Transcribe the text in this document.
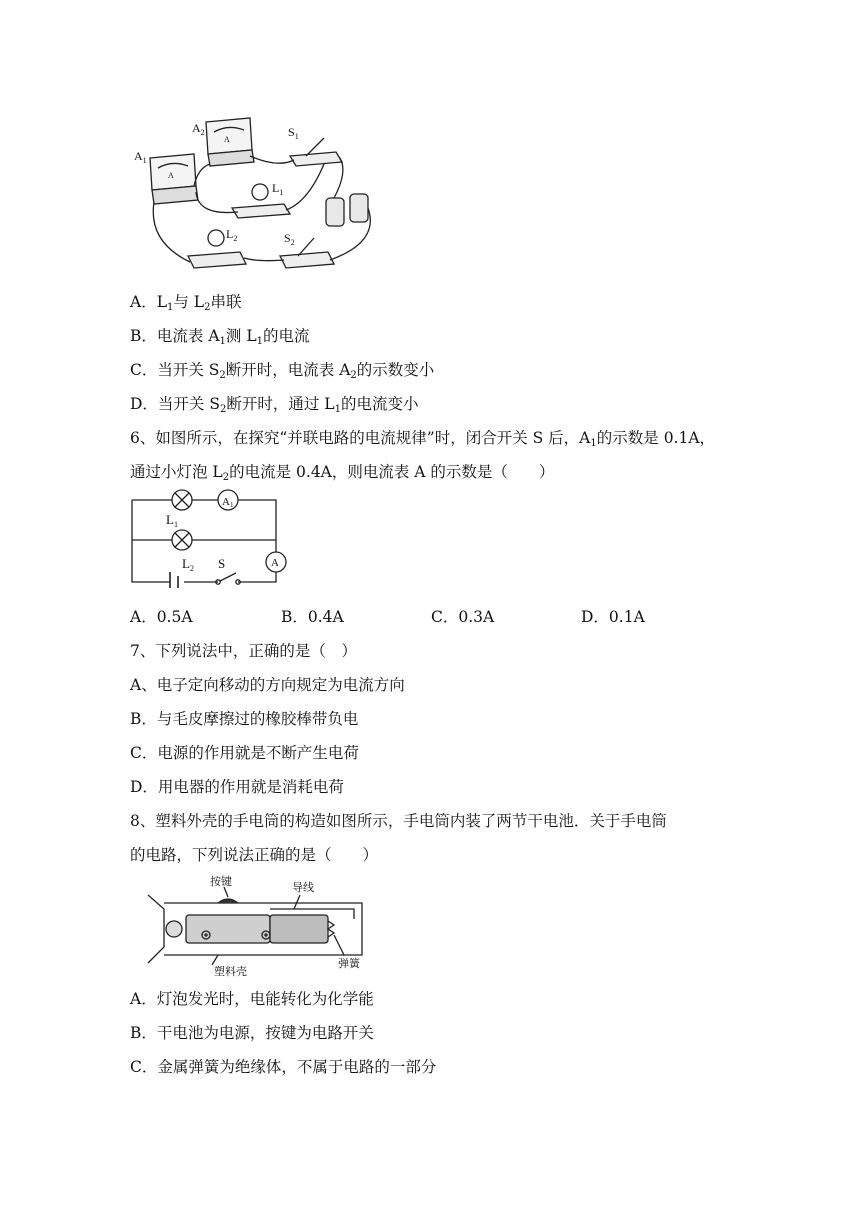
$A_1$
$A_2$	$S_1$
$L_1$
$L_2$	$S_2$
A
A
A．$L_1$与 $L_2$串联
B．电流表 $A_1$测 $L_1$的电流
C．当开关 $S_2$断开时，电流表 $A_2$的示数变小
D．当开关 $S_2$断开时，通过 $L_1$的电流变小
6、如图所示，在探究“并联电路的电流规律”时，闭合开关 S 后，$A_1$的示数是 0.1A，
通过小灯泡 $L_2$的电流是 0.4A，则电流表 A 的示数是（　　）
A1
$L_1$
$L_2$ S	A
A．0.5A	B．0.4A	C．0.3A	D．0.1A
7、下列说法中，正确的是（　）
A、电子定向移动的方向规定为电流方向
B．与毛皮摩擦过的橡胶棒带负电
C．电源的作用就是不断产生电荷
D．用电器的作用就是消耗电荷
8、塑料外壳的手电筒的构造如图所示，手电筒内装了两节干电池．关于手电筒
的电路，下列说法正确的是（　　）
按键	导线
塑料壳
弹簧
A．灯泡发光时，电能转化为化学能
B．干电池为电源，按键为电路开关
C．金属弹簧为绝缘体，不属于电路的一部分
